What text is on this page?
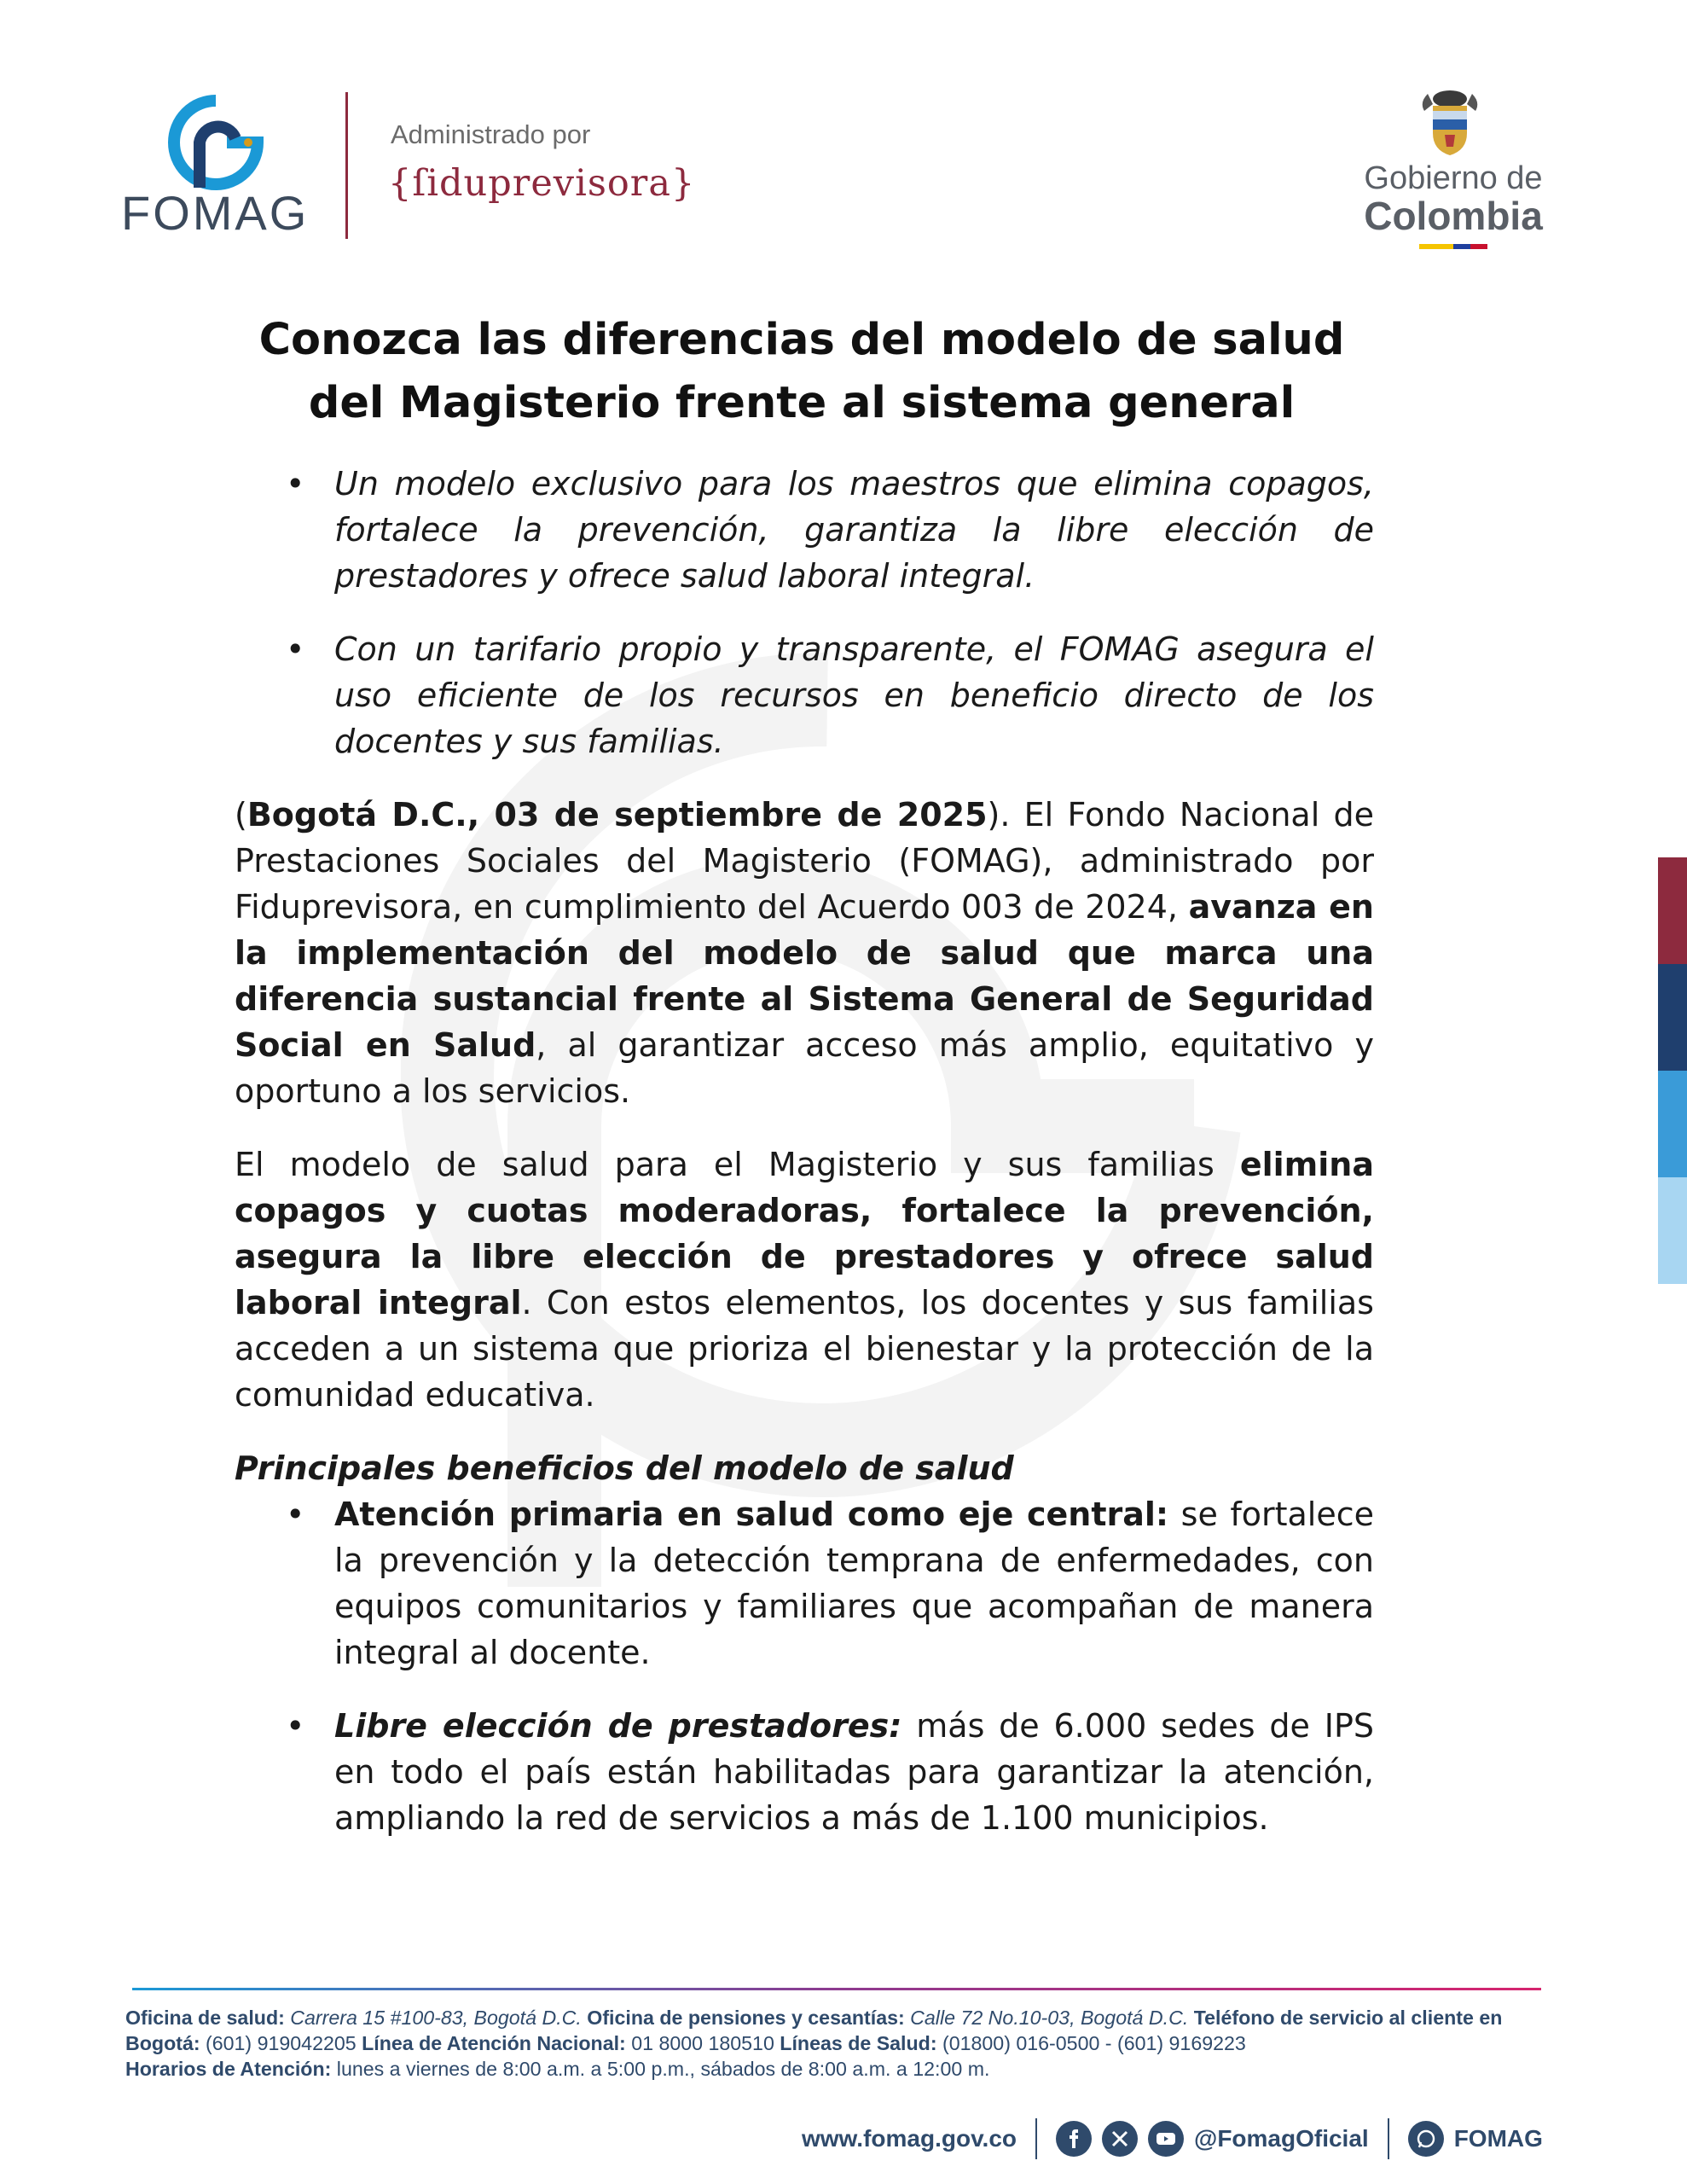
FOMAG
Administrado por
{ſiduprevisora}	Gobierno de
Colombia
Conozca las diferencias del modelo de salud
del Magisterio frente al sistema general
• Un modelo exclusivo para los maestros que elimina copagos, fortalece la prevención, garantiza la libre elección de prestadores y ofrece salud laboral integral.

• Con un tarifario propio y transparente, el FOMAG asegura el uso eficiente de los recursos en beneficio directo de los docentes y sus familias.

(Bogotá D.C., 03 de septiembre de 2025). El Fondo Nacional de Prestaciones Sociales del Magisterio (FOMAG), administrado por Fiduprevisora, en cumplimiento del Acuerdo 003 de 2024, avanza en la implementación del modelo de salud que marca una diferencia sustancial frente al Sistema General de Seguridad Social en Salud, al garantizar acceso más amplio, equitativo y oportuno a los servicios.

El modelo de salud para el Magisterio y sus familias elimina copagos y cuotas moderadoras, fortalece la prevención, asegura la libre elección de prestadores y ofrece salud laboral integral. Con estos elementos, los docentes y sus familias acceden a un sistema que prioriza el bienestar y la protección de la comunidad educativa.

Principales beneficios del modelo de salud

• Atención primaria en salud como eje central: se fortalece la prevención y la detección temprana de enfermedades, con equipos comunitarios y familiares que acompañan de manera integral al docente.

• Libre elección de prestadores: más de 6.000 sedes de IPS en todo el país están habilitadas para garantizar la atención, ampliando la red de servicios a más de 1.100 municipios.

Oficina de salud: Carrera 15 #100-83, Bogotá D.C. Oficina de pensiones y cesantías: Calle 72 No.10-03, Bogotá D.C. Teléfono de servicio al cliente en Bogotá: (601) 919042205 Línea de Atención Nacional: 01 8000 180510 Líneas de Salud: (01800) 016-0500 - (601) 9169223
Horarios de Atención: lunes a viernes de 8:00 a.m. a 5:00 p.m., sábados de 8:00 a.m. a 12:00 m.
www.fomag.gov.co	@FomagOficial	FOMAG
